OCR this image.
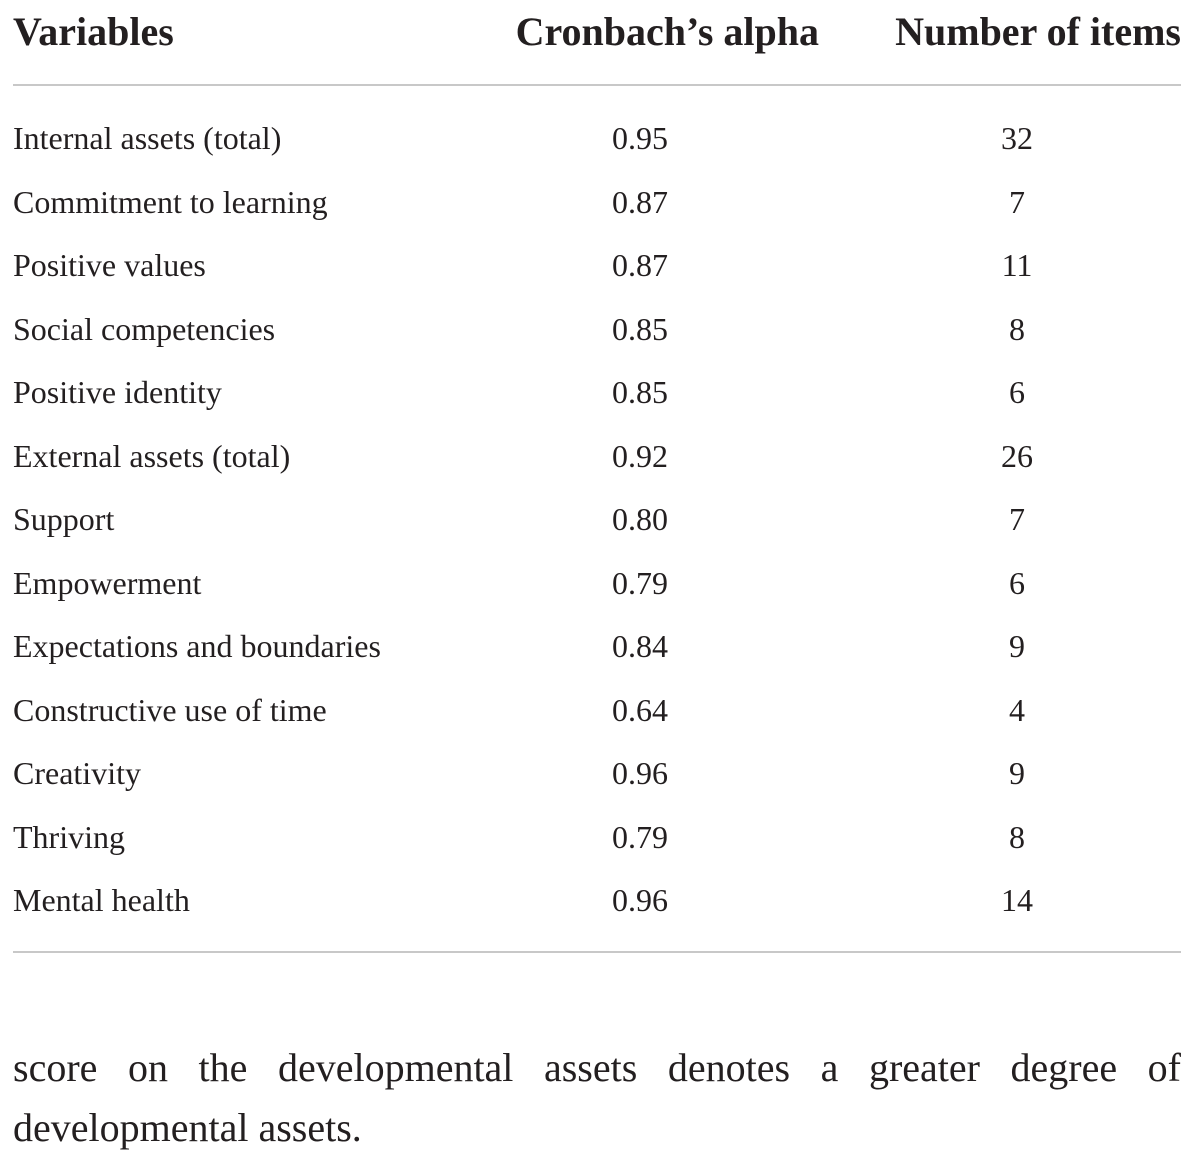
Variables	Cronbach’s alpha	Number of items

Internal assets (total)	0.95	32
Commitment to learning	0.87	7
Positive values	0.87	11
Social competencies	0.85	8
Positive identity	0.85	6
External assets (total)	0.92	26
Support	0.80	7
Empowerment	0.79	6
Expectations and boundaries	0.84	9
Constructive use of time	0.64	4
Creativity	0.96	9
Thriving	0.79	8
Mental health	0.96	14

score on the developmental assets denotes a greater degree of developmental assets.
